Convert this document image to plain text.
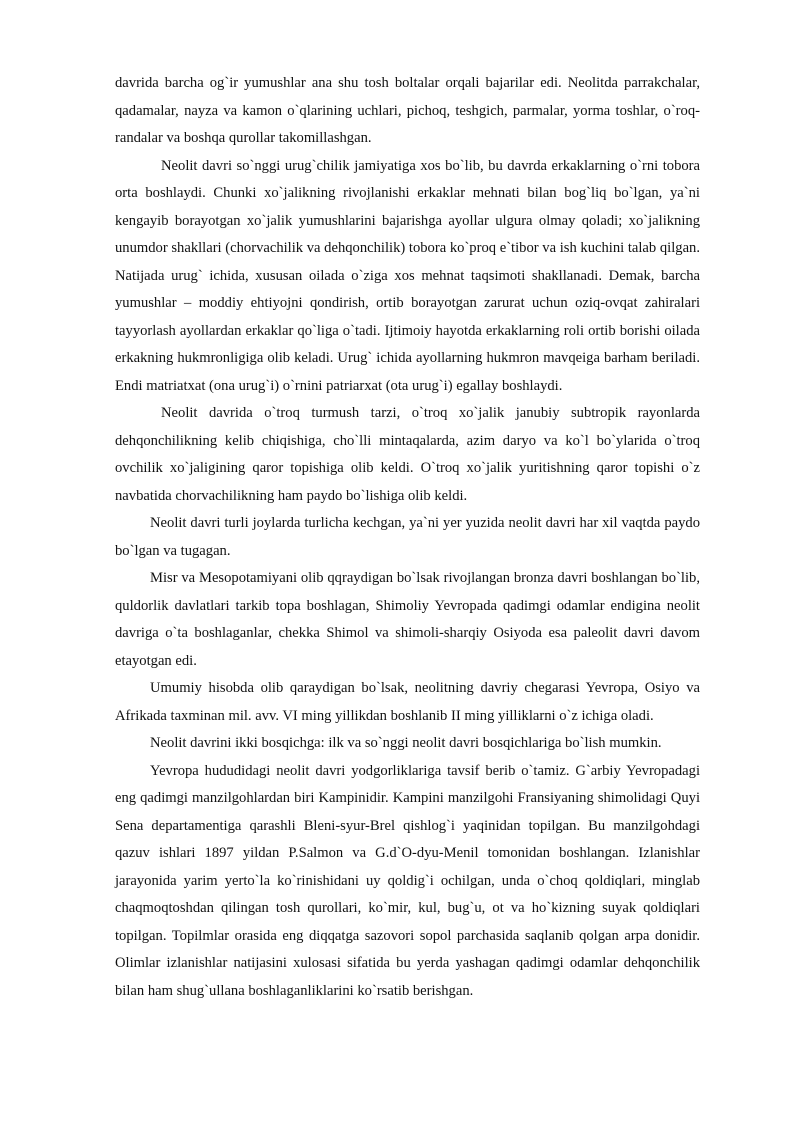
davrida barcha og`ir yumushlar ana shu tosh boltalar orqali bajarilar edi. Neolitda parrakchalar, qadamalar, nayza va kamon o`qlarining uchlari, pichoq, teshgich, parmalar, yorma toshlar, o`roq-randalar va boshqa qurollar takomillashgan.

Neolit davri so`nggi urug`chilik jamiyatiga xos bo`lib, bu davrda erkaklarning o`rni tobora orta boshlaydi. Chunki xo`jalikning rivojlanishi erkaklar mehnati bilan bog`liq bo`lgan, ya`ni kengayib borayotgan xo`jalik yumushlarini bajarishga ayollar ulgura olmay qoladi; xo`jalikning unumdor shakllari (chorvachilik va dehqonchilik) tobora ko`proq e`tibor va ish kuchini talab qilgan. Natijada urug` ichida, xususan oilada o`ziga xos mehnat taqsimoti shakllanadi. Demak, barcha yumushlar – moddiy ehtiyojni qondirish, ortib borayotgan zarurat uchun oziq-ovqat zahiralari tayyorlash ayollardan erkaklar qo`liga o`tadi. Ijtimoiy hayotda erkaklarning roli ortib borishi oilada erkakning hukmronligiga olib keladi. Urug` ichida ayollarning hukmron mavqeiga barham beriladi. Endi matriatxat (ona urug`i) o`rnini patriarxat (ota urug`i) egallay boshlaydi.

Neolit davrida o`troq turmush tarzi, o`troq xo`jalik janubiy subtropik rayonlarda dehqonchilikning kelib chiqishiga, cho`lli mintaqalarda, azim daryo va ko`l bo`ylarida o`troq ovchilik xo`jaligining qaror topishiga olib keldi. O`troq xo`jalik yuritishning qaror topishi o`z navbatida chorvachilikning ham paydo bo`lishiga olib keldi.

Neolit davri turli joylarda turlicha kechgan, ya`ni yer yuzida neolit davri har xil vaqtda paydo bo`lgan va tugagan.

Misr va Mesopotamiyani olib qqraydigan bo`lsak rivojlangan bronza davri boshlangan bo`lib, quldorlik davlatlari tarkib topa boshlagan, Shimoliy Yevropada qadimgi odamlar endigina neolit davriga o`ta boshlaganlar, chekka Shimol va shimoli-sharqiy Osiyoda esa paleolit davri davom etayotgan edi.

Umumiy hisobda olib qaraydigan bo`lsak, neolitning davriy chegarasi Yevropa, Osiyo va Afrikada taxminan mil. avv. VI ming yillikdan boshlanib II ming yilliklarni o`z ichiga oladi.

Neolit davrini ikki bosqichga: ilk va so`nggi neolit davri bosqichlariga bo`lish mumkin.

Yevropa hududidagi neolit davri yodgorliklariga tavsif berib o`tamiz. G`arbiy Yevropadagi eng qadimgi manzilgohlardan biri Kampinidir. Kampini manzilgohi Fransiyaning shimolidagi Quyi Sena departamentiga qarashli Bleni-syur-Brel qishlog`i yaqinidan topilgan. Bu manzilgohdagi qazuv ishlari 1897 yildan P.Salmon va G.d`O-dyu-Menil tomonidan boshlangan. Izlanishlar jarayonida yarim yerto`la ko`rinishidani uy qoldig`i ochilgan, unda o`choq qoldiqlari, minglab chaqmoqtoshdan qilingan tosh qurollari, ko`mir, kul, bug`u, ot va ho`kizning suyak qoldiqlari topilgan. Topilmlar orasida eng diqqatga sazovori sopol parchasida saqlanib qolgan arpa donidir. Olimlar izlanishlar natijasini xulosasi sifatida bu yerda yashagan qadimgi odamlar dehqonchilik bilan ham shug`ullana boshlaganliklarini ko`rsatib berishgan.
